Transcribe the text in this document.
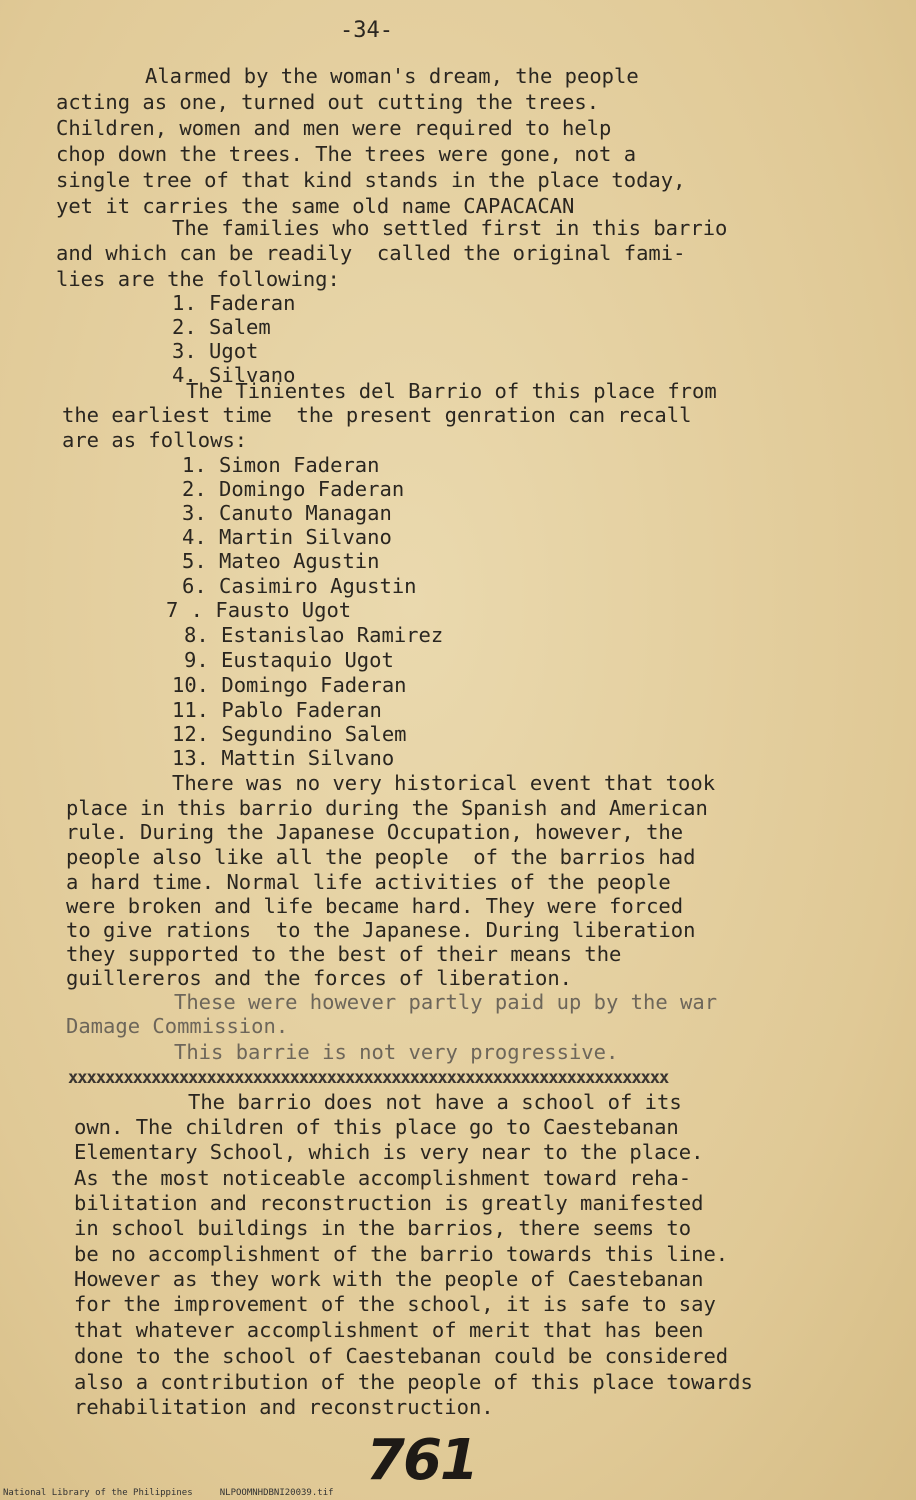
-34-
Alarmed by the woman's dream, the people
acting as one, turned out cutting the trees.
Children, women and men were required to help
chop down the trees. The trees were gone, not a
single tree of that kind stands in the place today,
yet it carries the same old name CAPACACAN
The families who settled first in this barrio
and which can be readily  called the original fami-
lies are the following:
1. Faderan
2. Salem
3. Ugot
4. Silvano
The Tinientes del Barrio of this place from
the earliest time  the present genration can recall
are as follows:
1. Simon Faderan
2. Domingo Faderan
3. Canuto Managan
4. Martin Silvano
5. Mateo Agustin
6. Casimiro Agustin
7 . Fausto Ugot
8. Estanislao Ramirez
9. Eustaquio Ugot
10. Domingo Faderan
11. Pablo Faderan
12. Segundino Salem
13. Mattin Silvano
There was no very historical event that took
place in this barrio during the Spanish and American
rule. During the Japanese Occupation, however, the
people also like all the people  of the barrios had
a hard time. Normal life activities of the people
were broken and life became hard. They were forced
to give rations  to the Japanese. During liberation
they supported to the best of their means the
guillereros and the forces of liberation.
These were however partly paid up by the war
Damage Commission.
This barrie is not very progressive.
xxxxxxxxxxxxxxxxxxxxxxxxxxxxxxxxxxxxxxxxxxxxxxxxxxxxxxxxxxxxxxxxx
The barrio does not have a school of its
own. The children of this place go to Caestebanan
Elementary School, which is very near to the place.
As the most noticeable accomplishment toward reha-
bilitation and reconstruction is greatly manifested
in school buildings in the barrios, there seems to
be no accomplishment of the barrio towards this line.
However as they work with the people of Caestebanan
for the improvement of the school, it is safe to say
that whatever accomplishment of merit that has been
done to the school of Caestebanan could be considered
also a contribution of the people of this place towards
rehabilitation and reconstruction.
761
National Library of the Philippines     NLPOOMNHDBNI20039.tif
